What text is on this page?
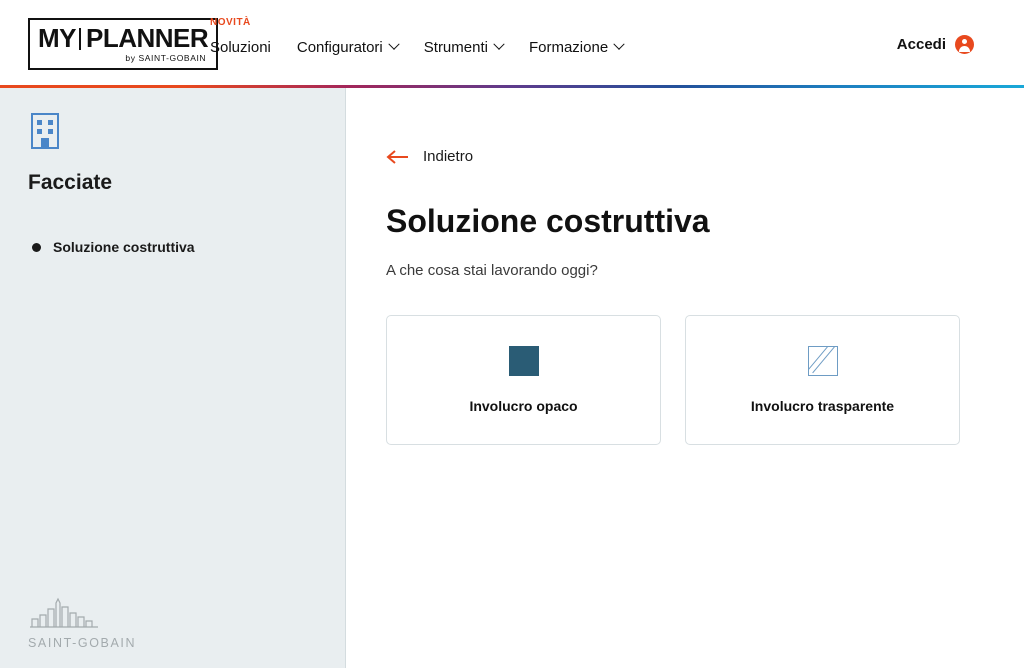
MY PLANNER
by SAINT-GOBAIN
NOVITÀ
Soluzioni Configuratori	Strumenti	Formazione	Accedi
Facciate
Soluzione costruttiva
SAINT-GOBAIN
Indietro
Soluzione costruttiva
A che cosa stai lavorando oggi?
Involucro opaco	Involucro trasparente
